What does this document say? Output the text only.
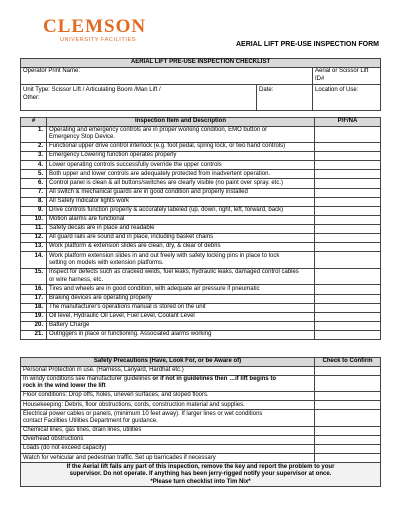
CLEMSON
UNIVERSITY FACILITIES
AERIAL LIFT PRE-USE INSPECTION FORM
AERIAL LIFT PRE-USE INSPECTION CHECKLIST		
Operator Print Name:		Aerial or Scissor Lift ID#

Unit Type: Scissor Lift / Articulating Boom /Man Lift /
Other:	Date:	Location of Use:
#	Inspection Item and Description	P/F/NA
1.	Operating and emergency controls are in proper working condition, EMO button or
Emergency Stop Device.	

2.	Functional upper drive control interlock (e.g. foot pedal, spring lock, or two hand controls)	

3.	Emergency Lowering function operates properly	

4.	Lower operating controls successfully override the upper controls	

5.	Both upper and lower controls are adequately protected from inadvertent operation.	

6.	Control panel is clean & all buttons/switches are clearly visible (no paint over spray. etc.)	

7.	All switch & mechanical guards are in good condition and properly installed	

8.	All Safety Indicator lights work	

9.	Drive controls function properly & accurately labeled (up, down, right, left, forward, back)	

10.	Motion alarms are functional	

11.	Safety decals are in place and readable	

12.	All guard rails are sound and in place, including basket chains	

13.	Work platform & extension slides are clean, dry, & clear of debris	

14.	Work platform extension slides in and out freely with safety locking pins in place to lock
setting on models with extension platforms.	

15.	Inspect for defects such as cracked welds, fuel leaks, hydraulic leaks, damaged control cables
or wire harness, etc.	

16.	Tires and wheels are in good condition, with adequate air pressure if pneumatic	

17.	Braking devices are operating properly	

18.	The manufacturer's operations manual is stored on the unit	

19.	Oil level, Hydraulic Oil Level, Fuel Level, Coolant Level	

20.	Battery Charge	

21.	Outriggers in place or functioning. Associated alarms working	

Safety Precautions (Have, Look For, or be Aware of)	Check to Confirm
Personal Protection in use. (Harness, Lanyard, Hardhat etc.)	
In windy conditions see manufacturer guidelines or if not in guidelines then …if lift begins to
rock in the wind lower the lift	

Floor conditions: Drop offs, holes, uneven surfaces, and sloped floors.	
Housekeeping: Debris, floor obstructions, cords, construction material and supplies.	
Electrical power cables or panels, (minimum 10 feet away). If larger lines or wet conditions
contact Facilities Utilities Department for guidance.	

Chemical lines, gas lines, drain lines, utilities	
Overhead obstructions	
Loads (do not exceed capacity)	
Watch for vehicular and pedestrian traffic. Set up barricades if necessary	

If the Aerial lift fails any part of this inspection, remove the key and report the problem to your
supervisor. Do not operate. If anything has been jerry-rigged notify your supervisor at once.
*Please turn checklist into Tim Nix*	
